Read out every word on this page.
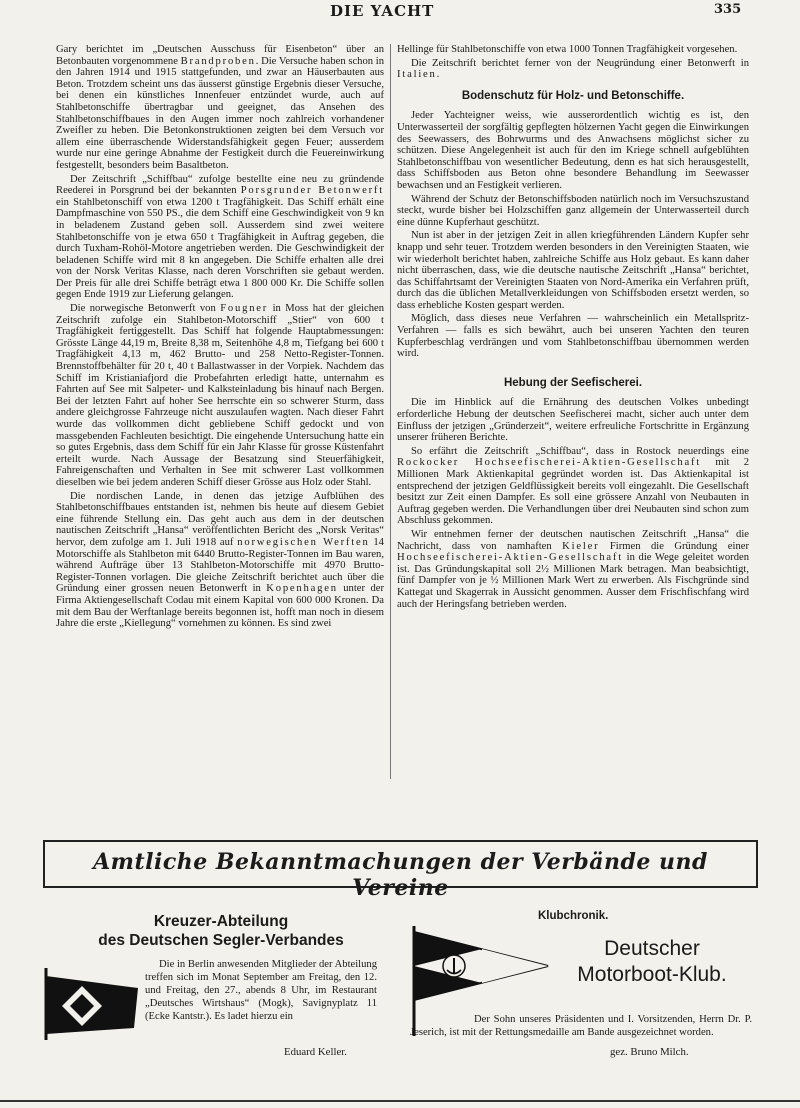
DIE YACHT	335

Gary berichtet im „Deutschen Ausschuss für Eisenbeton“ über an Betonbauten vorgenommene Brandproben. Die Versuche haben schon in den Jahren 1914 und 1915 stattgefunden, und zwar an Häuserbauten aus Beton. Trotzdem scheint uns das äusserst günstige Ergebnis dieser Versuche, bei denen ein künstliches Innenfeuer entzündet wurde, auch auf Stahlbetonschiffe übertragbar und geeignet, das Ansehen des Stahlbetonschiffbaues in den Augen immer noch zahlreich vorhandener Zweifler zu heben. Die Betonkonstruktionen zeigten bei dem Versuch vor allem eine überraschende Widerstandsfähigkeit gegen Feuer; ausserdem wurde nur eine geringe Abnahme der Festigkeit durch die Feuereinwirkung festgestellt, besonders beim Basaltbeton.

Der Zeitschrift „Schiffbau“ zufolge bestellte eine neu zu gründende Reederei in Porsgrund bei der bekannten Porsgrunder Betonwerft ein Stahlbetonschiff von etwa 1200 t Tragfähigkeit. Das Schiff erhält eine Dampfmaschine von 550 PS., die dem Schiff eine Geschwindigkeit von 9 kn in beladenem Zustand geben soll. Ausserdem sind zwei weitere Stahlbetonschiffe von je etwa 650 t Tragfähigkeit in Auftrag gegeben, die durch Tuxham-Rohöl-Motore angetrieben werden. Die Geschwindigkeit der beladenen Schiffe wird mit 8 kn angegeben. Die Schiffe erhalten alle drei von der Norsk Veritas Klasse, nach deren Vorschriften sie gebaut werden. Der Preis für alle drei Schiffe beträgt etwa 1 800 000 Kr. Die Schiffe sollen gegen Ende 1919 zur Lieferung gelangen.

Die norwegische Betonwerft von Fougner in Moss hat der gleichen Zeitschrift zufolge ein Stahlbeton-Motorschiff „Stier“ von 600 t Tragfähigkeit fertiggestellt. Das Schiff hat folgende Hauptabmessungen: Grösste Länge 44,19 m, Breite 8,38 m, Seitenhöhe 4,8 m, Tiefgang bei 600 t Tragfähigkeit 4,13 m, 462 Brutto- und 258 Netto-Register-Tonnen. Brennstoffbehälter für 20 t, 40 t Ballastwasser in der Vorpiek. Nachdem das Schiff im Kristianiafjord die Probefahrten erledigt hatte, unternahm es Fahrten auf See mit Salpeter- und Kalksteinladung bis hinauf nach Bergen. Bei der letzten Fahrt auf hoher See herrschte ein so schwerer Sturm, dass andere gleichgrosse Fahrzeuge nicht auszulaufen wagten. Nach dieser Fahrt wurde das vollkommen dicht gebliebene Schiff gedockt und von massgebenden Fachleuten besichtigt. Die eingehende Untersuchung hatte ein so gutes Ergebnis, dass dem Schiff für ein Jahr Klasse für grosse Küstenfahrt erteilt wurde. Nach Aussage der Besatzung sind Steuerfähigkeit, Fahreigenschaften und Verhalten in See mit schwerer Last vollkommen dieselben wie bei jedem anderen Schiff dieser Grösse aus Holz oder Stahl.

Die nordischen Lande, in denen das jetzige Aufblühen des Stahlbetonschiffbaues entstanden ist, nehmen bis heute auf diesem Gebiet eine führende Stellung ein. Das geht auch aus dem in der deutschen nautischen Zeitschrift „Hansa“ veröffentlichten Bericht des „Norsk Veritas“ hervor, dem zufolge am 1. Juli 1918 auf norwegischen Werften 14 Motorschiffe als Stahlbeton mit 6440 Brutto-Register-Tonnen im Bau waren, während Aufträge über 13 Stahlbeton-Motorschiffe mit 4970 Brutto-Register-Tonnen vorlagen. Die gleiche Zeitschrift berichtet auch über die Gründung einer grossen neuen Betonwerft in Kopenhagen unter der Firma Aktiengesellschaft Codau mit einem Kapital von 600 000 Kronen. Da mit dem Bau der Werftanlage bereits begonnen ist, hofft man noch in diesem Jahre die erste „Kiellegung“ vornehmen zu können. Es sind zwei

Hellinge für Stahlbetonschiffe von etwa 1000 Tonnen Tragfähigkeit vorgesehen.

Die Zeitschrift berichtet ferner von der Neugründung einer Betonwerft in Italien.

Bodenschutz für Holz- und Betonschiffe.

Jeder Yachteigner weiss, wie ausserordentlich wichtig es ist, den Unterwasserteil der sorgfältig gepflegten hölzernen Yacht gegen die Einwirkungen des Seewassers, des Bohrwurms und des Anwachsens möglichst sicher zu schützen. Diese Angelegenheit ist auch für den im Kriege schnell aufgeblühten Stahlbetonschiffbau von wesentlicher Bedeutung, denn es hat sich herausgestellt, dass Schiffsboden aus Beton ohne besondere Behandlung im Seewasser bewachsen und an Festigkeit verlieren.

Während der Schutz der Betonschiffsboden natürlich noch im Versuchszustand steckt, wurde bisher bei Holzschiffen ganz allgemein der Unterwasserteil durch eine dünne Kupferhaut geschützt.

Nun ist aber in der jetzigen Zeit in allen kriegführenden Ländern Kupfer sehr knapp und sehr teuer. Trotzdem werden besonders in den Vereinigten Staaten, wie wir wiederholt berichtet haben, zahlreiche Schiffe aus Holz gebaut. Es kann daher nicht überraschen, dass, wie die deutsche nautische Zeitschrift „Hansa“ berichtet, das Schiffahrtsamt der Vereinigten Staaten von Nord-Amerika ein Verfahren prüft, durch das die üblichen Metallverkleidungen von Schiffsboden ersetzt werden, so dass erhebliche Kosten gespart werden.

Möglich, dass dieses neue Verfahren — wahrscheinlich ein Metallspritz-Verfahren — falls es sich bewährt, auch bei unseren Yachten den teuren Kupferbeschlag verdrängen und vom Stahlbetonschiffbau übernommen werden wird.

Hebung der Seefischerei.

Die im Hinblick auf die Ernährung des deutschen Volkes unbedingt erforderliche Hebung der deutschen Seefischerei macht, sicher auch unter dem Einfluss der jetzigen „Gründerzeit“, weitere erfreuliche Fortschritte in Ergänzung unserer früheren Berichte.

So erfährt die Zeitschrift „Schiffbau“, dass in Rostock neuerdings eine Rockocker Hochseefischerei-Aktien-Gesellschaft mit 2 Millionen Mark Aktienkapital gegründet worden ist. Das Aktienkapital ist entsprechend der jetzigen Geldflüssigkeit bereits voll eingezahlt. Die Gesellschaft besitzt zur Zeit einen Dampfer. Es soll eine grössere Anzahl von Neubauten in Auftrag gegeben werden. Die Verhandlungen über drei Neubauten sind schon zum Abschluss gekommen.

Wir entnehmen ferner der deutschen nautischen Zeitschrift „Hansa“ die Nachricht, dass von namhaften Kieler Firmen die Gründung einer Hochseefischerei-Aktien-Gesellschaft in die Wege geleitet worden ist. Das Gründungskapital soll 2½ Millionen Mark betragen. Man beabsichtigt, fünf Dampfer von je ½ Millionen Mark Wert zu erwerben. Als Fischgründe sind Kattegat und Skagerrak in Aussicht genommen. Ausser dem Frischfischfang wird auch der Heringsfang betrieben werden.

Amtliche Bekanntmachungen der Verbände und Vereine
Kreuzer-Abteilung
des Deutschen Segler-Verbandes

Die in Berlin anwesenden Mitglieder der Abteilung treffen sich im Monat September am Freitag, den 12. und Freitag, den 27., abends 8 Uhr, im Restaurant „Deutsches Wirtshaus“ (Mogk), Savignyplatz 11 (Ecke Kantstr.). Es ladet hierzu ein

Eduard Keller.
Klubchronik.
Deutscher
Motorboot-Klub.

Der Sohn unseres Präsidenten und I. Vorsitzenden, Herrn Dr. P. Jeserich, ist mit der Rettungsmedaille am Bande ausgezeichnet worden.

gez. Bruno Milch.
